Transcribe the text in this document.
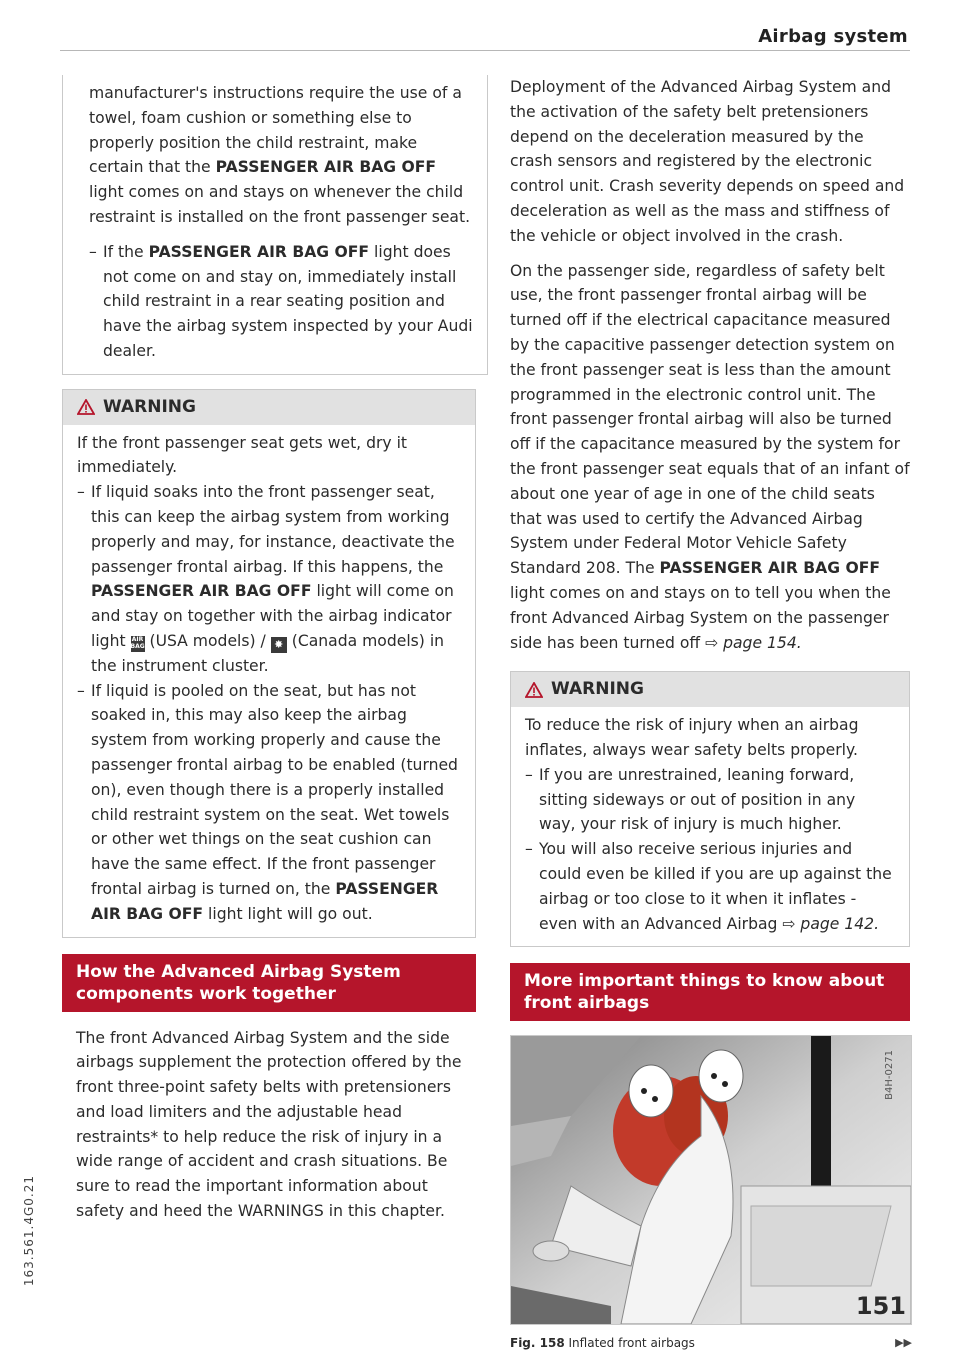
Airbag system

manufacturer's instructions require the use of a towel, foam cushion or something else to properly position the child restraint, make certain that the PASSENGER AIR BAG OFF light comes on and stays on whenever the child restraint is installed on the front passenger seat.

– If the PASSENGER AIR BAG OFF light does not come on and stay on, immediately install child restraint in a rear seating position and have the airbag system inspected by your Audi dealer.
WARNING

If the front passenger seat gets wet, dry it immediately.

– If liquid soaks into the front passenger seat, this can keep the airbag system from working properly and may, for instance, deactivate the passenger frontal airbag. If this happens, the PASSENGER AIR BAG OFF light will come on and stay on together with the airbag indicator light AIR BAG (USA models) / ✸ (Canada models) in the instrument cluster.
– If liquid is pooled on the seat, but has not soaked in, this may also keep the airbag system from working properly and cause the passenger frontal airbag to be enabled (turned on), even though there is a properly installed child restraint system on the seat. Wet towels or other wet things on the seat cushion can have the same effect. If the front passenger frontal airbag is turned on, the PASSENGER AIR BAG OFF light light will go out.
How the Advanced Airbag System components work together

The front Advanced Airbag System and the side airbags supplement the protection offered by the front three-point safety belts with pretensioners and load limiters and the adjustable head restraints* to help reduce the risk of injury in a wide range of accident and crash situations. Be sure to read the important information about safety and heed the WARNINGS in this chapter.

Deployment of the Advanced Airbag System and the activation of the safety belt pretensioners depend on the deceleration measured by the crash sensors and registered by the electronic control unit. Crash severity depends on speed and deceleration as well as the mass and stiffness of the vehicle or object involved in the crash.

On the passenger side, regardless of safety belt use, the front passenger frontal airbag will be turned off if the electrical capacitance measured by the capacitive passenger detection system on the front passenger seat is less than the amount programmed in the electronic control unit. The front passenger frontal airbag will also be turned off if the capacitance measured by the system for the front passenger seat equals that of an infant of about one year of age in one of the child seats that was used to certify the Advanced Airbag System under Federal Motor Vehicle Safety Standard 208. The PASSENGER AIR BAG OFF light comes on and stays on to tell you when the front Advanced Airbag System on the passenger side has been turned off ⇨ page 154.

WARNING

To reduce the risk of injury when an airbag inflates, always wear safety belts properly.

– If you are unrestrained, leaning forward, sitting sideways or out of position in any way, your risk of injury is much higher.
– You will also receive serious injuries and could even be killed if you are up against the airbag or too close to it when it inflates - even with an Advanced Airbag ⇨ page 142.
More important things to know about front airbags
B4H-0271
Fig. 158 Inflated front airbags	▶▶
151
163.561.4G0.21
